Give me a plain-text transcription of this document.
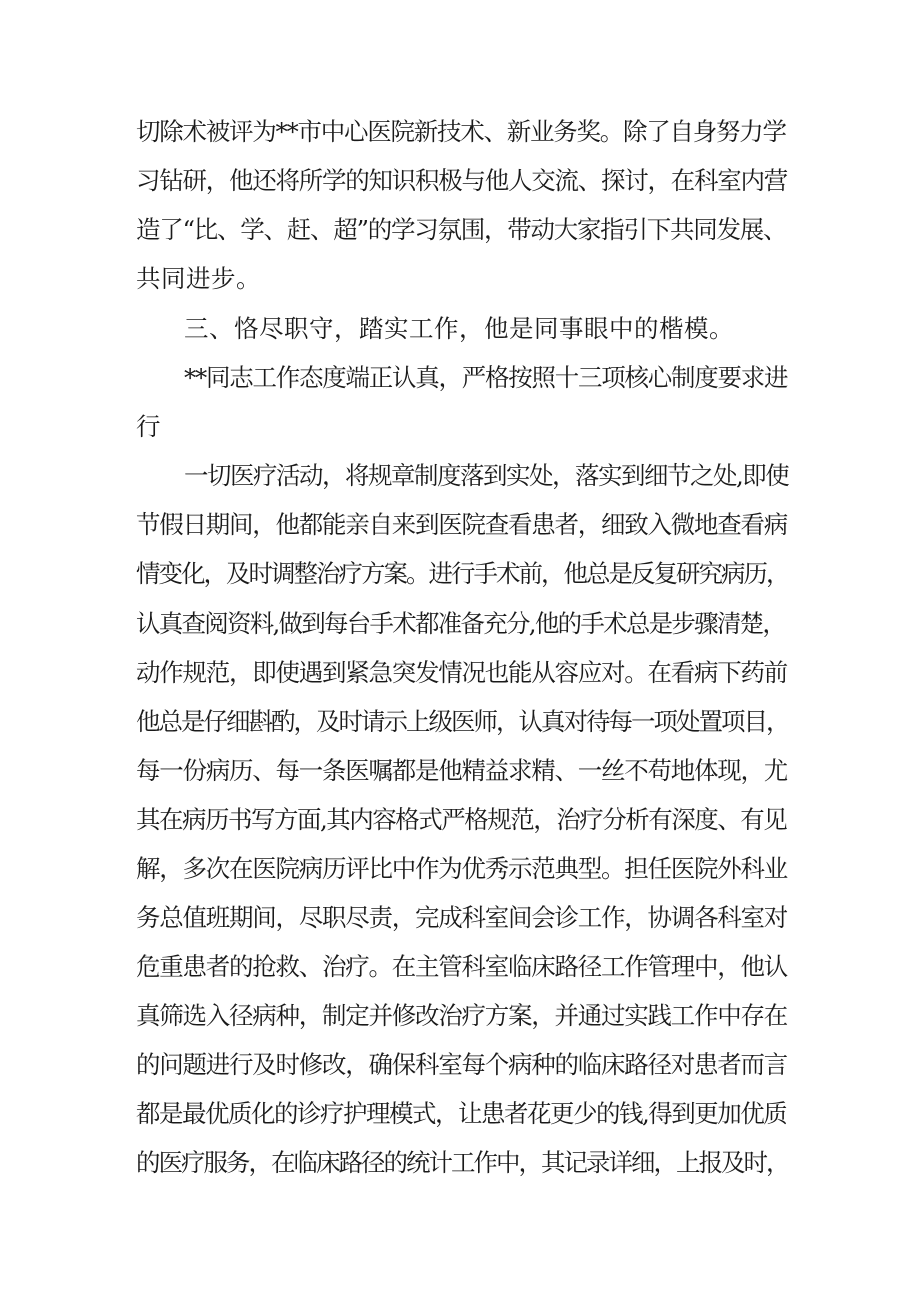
切除术被评为**市中心医院新技术、新业务奖。除了自身努力学
习钻研，他还将所学的知识积极与他人交流、探讨，在科室内营
造了“比、学、赶、超”的学习氛围，带动大家指引下共同发展、
共同进步。
三、恪尽职守，踏实工作，他是同事眼中的楷模。
**同志工作态度端正认真，严格按照十三项核心制度要求进
行
一切医疗活动，将规章制度落到实处，落实到细节之处,即使
节假日期间，他都能亲自来到医院查看患者，细致入微地查看病
情变化，及时调整治疗方案。进行手术前，他总是反复研究病历，
认真查阅资料,做到每台手术都准备充分,他的手术总是步骤清楚，
动作规范，即使遇到紧急突发情况也能从容应对。在看病下药前
他总是仔细斟酌，及时请示上级医师，认真对待每一项处置项目，
每一份病历、每一条医嘱都是他精益求精、一丝不苟地体现，尤
其在病历书写方面,其内容格式严格规范，治疗分析有深度、有见
解，多次在医院病历评比中作为优秀示范典型。担任医院外科业
务总值班期间，尽职尽责，完成科室间会诊工作，协调各科室对
危重患者的抢救、治疗。在主管科室临床路径工作管理中，他认
真筛选入径病种，制定并修改治疗方案，并通过实践工作中存在
的问题进行及时修改，确保科室每个病种的临床路径对患者而言
都是最优质化的诊疗护理模式，让患者花更少的钱,得到更加优质
的医疗服务，在临床路径的统计工作中，其记录详细，上报及时，
